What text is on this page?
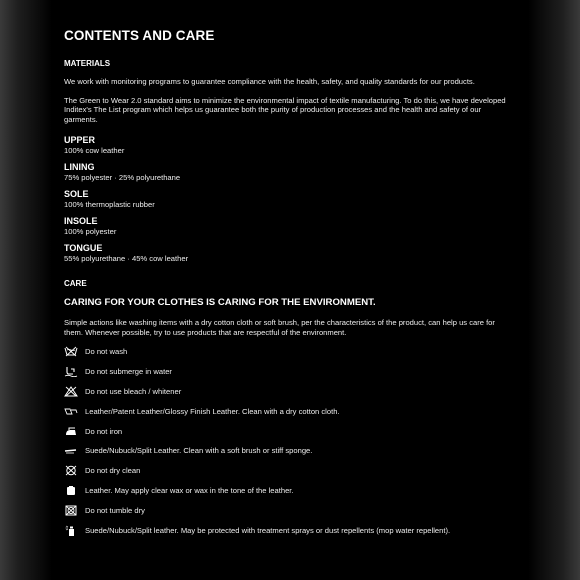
CONTENTS AND CARE
MATERIALS

We work with monitoring programs to guarantee compliance with the health, safety, and quality standards for our products.

The Green to Wear 2.0 standard aims to minimize the environmental impact of textile manufacturing. To do this, we have developed Inditex's The List program which helps us guarantee both the purity of production processes and the health and safety of our garments.

UPPER
100% cow leather
LINING
75% polyester · 25% polyurethane
SOLE
100% thermoplastic rubber
INSOLE
100% polyester
TONGUE
55% polyurethane · 45% cow leather
CARE
CARING FOR YOUR CLOTHES IS CARING FOR THE ENVIRONMENT.

Simple actions like washing items with a dry cotton cloth or soft brush, per the characteristics of the product, can help us care for them. Whenever possible, try to use products that are respectful of the environment.

Do not wash
Do not submerge in water
Do not use bleach / whitener
Leather/Patent Leather/Glossy Finish Leather. Clean with a dry cotton cloth.
Do not iron
Suede/Nubuck/Split Leather. Clean with a soft brush or stiff sponge.
Do not dry clean
Leather. May apply clear wax or wax in the tone of the leather.
Do not tumble dry
Suede/Nubuck/Split leather. May be protected with treatment sprays or dust repellents (mop water repellent).
